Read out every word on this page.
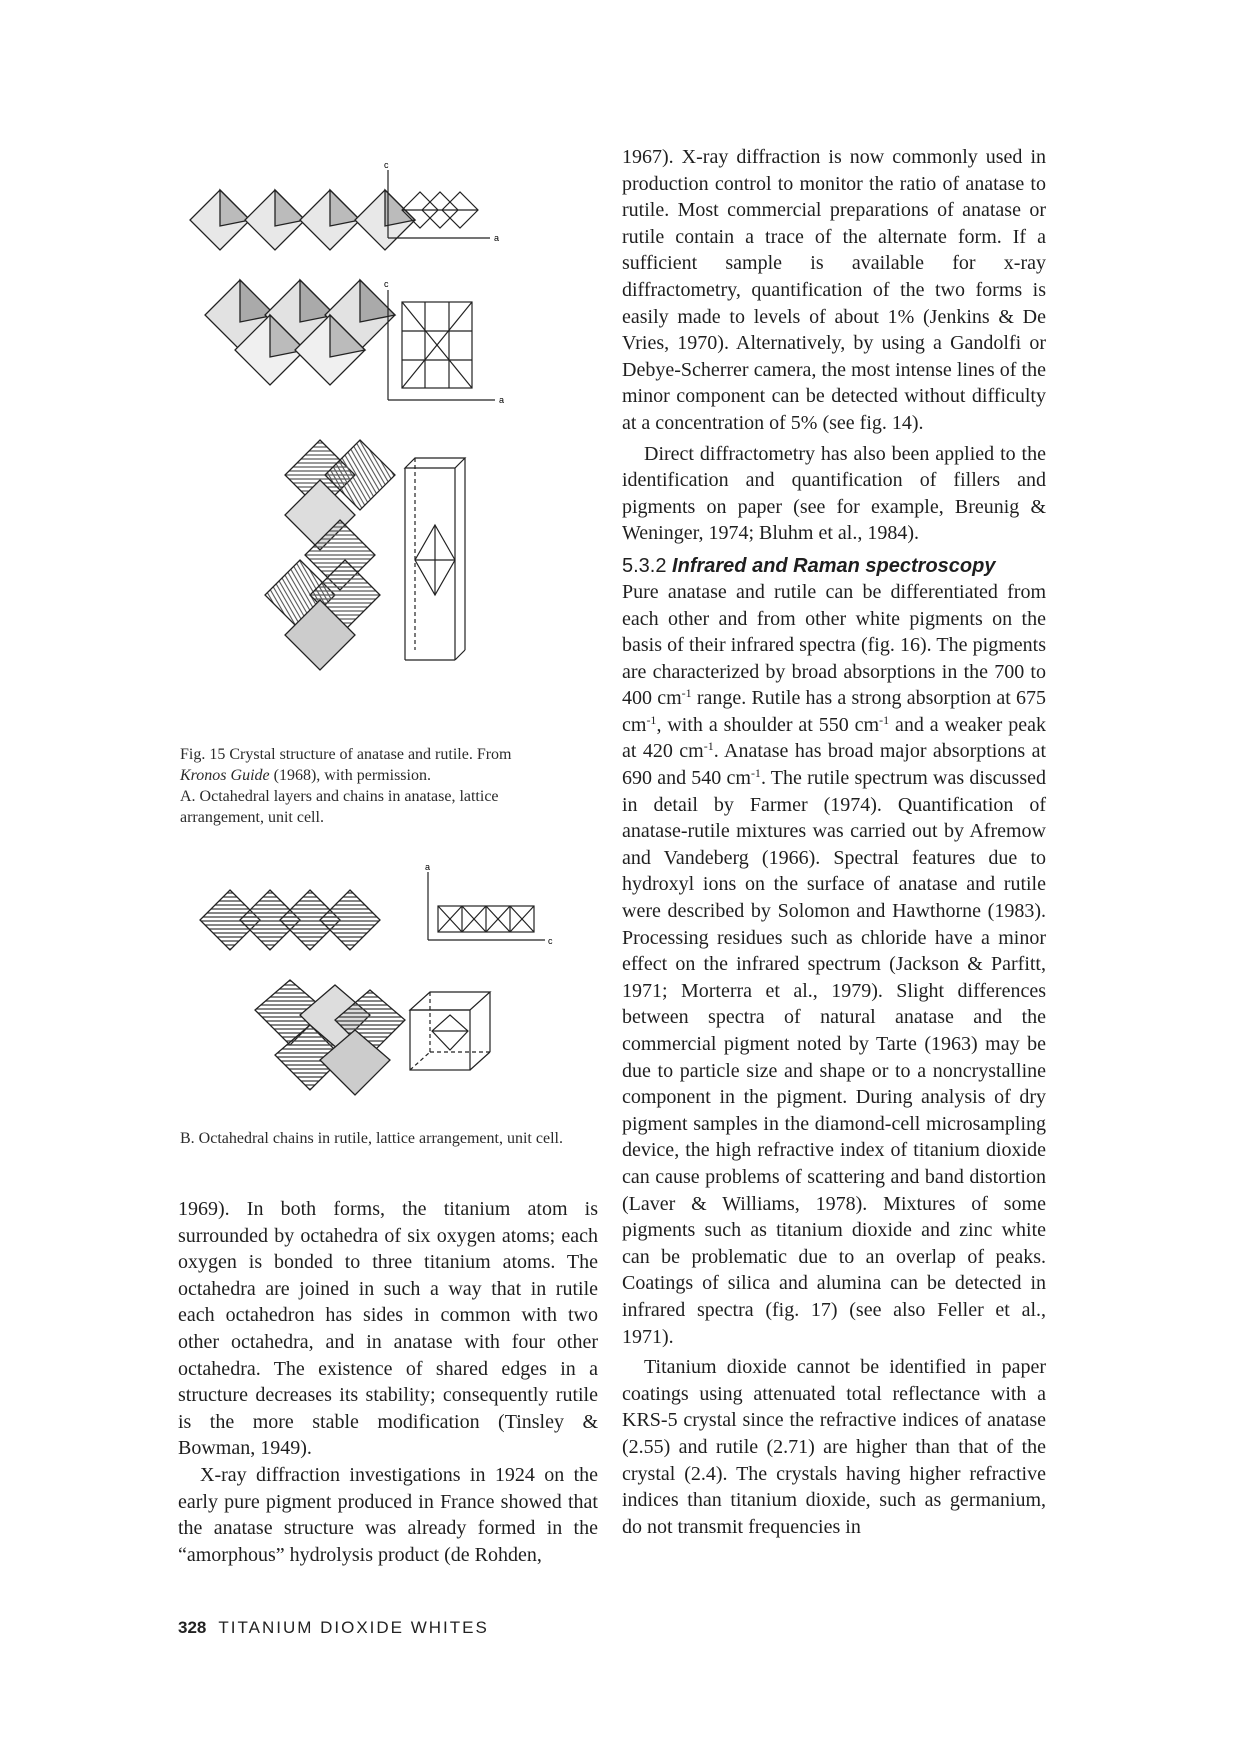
c
a
c
a
Fig. 15 Crystal structure of anatase and rutile. From
Kronos Guide (1968), with permission.
A. Octahedral layers and chains in anatase, lattice
arrangement, unit cell.
a
c
B. Octahedral chains in rutile, lattice arrangement, unit cell.

1969). In both forms, the titanium atom is surrounded by octahedra of six oxygen atoms; each oxygen is bonded to three titanium atoms. The octahedra are joined in such a way that in rutile each octahedron has sides in common with two other octahedra, and in anatase with four other octahedra. The existence of shared edges in a structure decreases its stability; consequently rutile is the more stable modification (Tinsley & Bowman, 1949).

X-ray diffraction investigations in 1924 on the early pure pigment produced in France showed that the anatase structure was already formed in the “amorphous” hydrolysis product (de Rohden,

1967). X-ray diffraction is now commonly used in production control to monitor the ratio of anatase to rutile. Most commercial preparations of anatase or rutile contain a trace of the alternate form. If a sufficient sample is available for x-ray diffractometry, quantification of the two forms is easily made to levels of about 1% (Jenkins & De Vries, 1970). Alternatively, by using a Gandolfi or Debye-Scherrer camera, the most intense lines of the minor component can be detected without difficulty at a concentration of 5% (see fig. 14).

Direct diffractometry has also been applied to the identification and quantification of fillers and pigments on paper (see for example, Breunig & Weninger, 1974; Bluhm et al., 1984).

5.3.2 Infrared and Raman spectroscopy

Pure anatase and rutile can be differentiated from each other and from other white pigments on the basis of their infrared spectra (fig. 16). The pigments are characterized by broad absorptions in the 700 to 400 $cm^{-1}$ range. Rutile has a strong absorption at 675 $cm^{-1}$, with a shoulder at 550 $cm^{-1}$ and a weaker peak at 420 $cm^{-1}$. Anatase has broad major absorptions at 690 and 540 $cm^{-1}$. The rutile spectrum was discussed in detail by Farmer (1974). Quantification of anatase-rutile mixtures was carried out by Afremow and Vandeberg (1966). Spectral features due to hydroxyl ions on the surface of anatase and rutile were described by Solomon and Hawthorne (1983). Processing residues such as chloride have a minor effect on the infrared spectrum (Jackson & Parfitt, 1971; Morterra et al., 1979). Slight differences between spectra of natural anatase and the commercial pigment noted by Tarte (1963) may be due to particle size and shape or to a noncrystalline component in the pigment. During analysis of dry pigment samples in the diamond-cell microsampling device, the high refractive index of titanium dioxide can cause problems of scattering and band distortion (Laver & Williams, 1978). Mixtures of some pigments such as titanium dioxide and zinc white can be problematic due to an overlap of peaks. Coatings of silica and alumina can be detected in infrared spectra (fig. 17) (see also Feller et al., 1971).

Titanium dioxide cannot be identified in paper coatings using attenuated total reflectance with a KRS-5 crystal since the refractive indices of anatase (2.55) and rutile (2.71) are higher than that of the crystal (2.4). The crystals having higher refractive indices than titanium dioxide, such as germanium, do not transmit frequencies in

328 TITANIUM DIOXIDE WHITES
